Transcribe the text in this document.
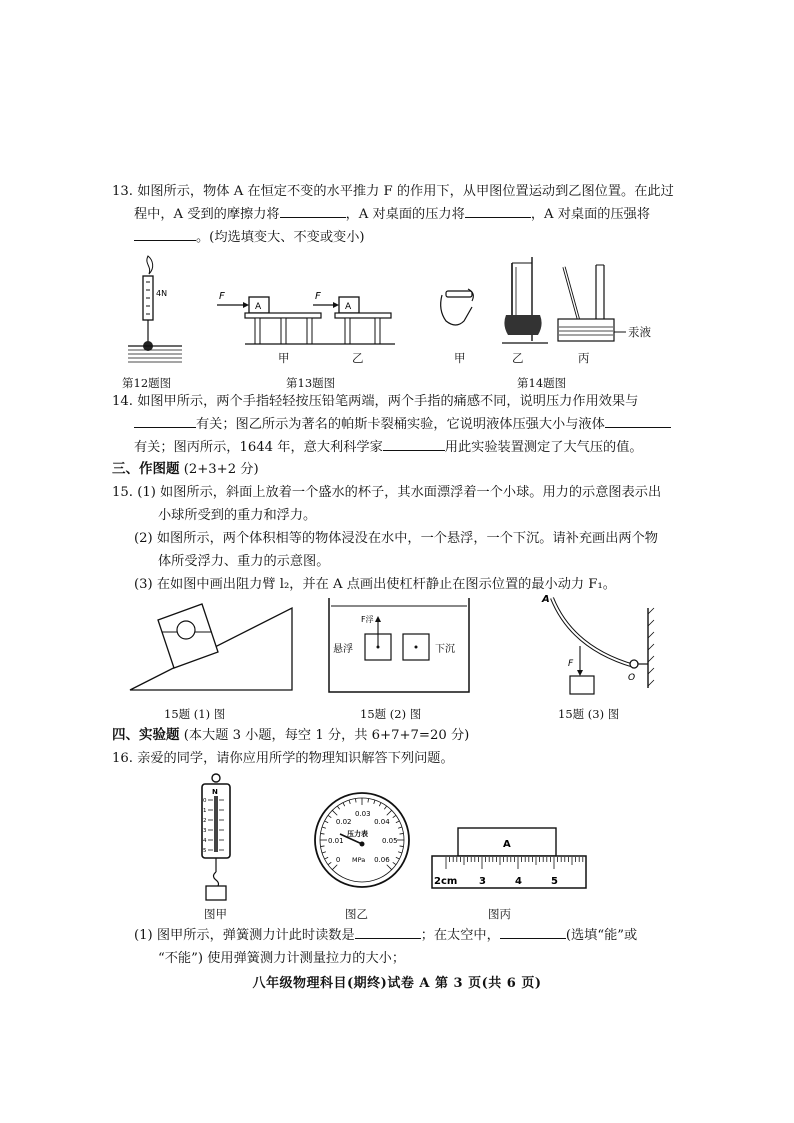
13. 如图所示，物体 A 在恒定不变的水平推力 F 的作用下，从甲图位置运动到乙图位置。在此过
程中，A 受到的摩擦力将	，A 对桌面的压力将	，A 对桌面的压强将
。(均选填变大、不变或变小)
4N
第12题图
F
A
F
A
甲	乙
第13题图
汞液
甲	乙	丙
第14题图
14. 如图甲所示，两个手指轻轻按压铅笔两端，两个手指的痛感不同，说明压力作用效果与
有关；图乙所示为著名的帕斯卡裂桶实验，它说明液体压强大小与液体
有关；图丙所示，1644 年，意大利科学家	用此实验装置测定了大气压的值。
三、作图题 (2+3+2 分)
15. (1) 如图所示，斜面上放着一个盛水的杯子，其水面漂浮着一个小球。用力的示意图表示出
小球所受到的重力和浮力。
(2) 如图所示，两个体积相等的物体浸没在水中，一个悬浮，一个下沉。请补充画出两个物
体所受浮力、重力的示意图。
(3) 在如图中画出阻力臂 l₂，并在 A 点画出使杠杆静止在图示位置的最小动力 F₁。
15题 (1) 图
F浮
悬浮	下沉
15题 (2) 图
A
O
F
15题 (3) 图
四、实验题 (本大题 3 小题，每空 1 分，共 6+7+7=20 分)
16. 亲爱的同学，请你应用所学的物理知识解答下列问题。
N
0
1
2
3
4
5
图甲
0
0.01
0.02
0.03
0.04
0.05
0.06
压力表
MPa
图乙
A
2cm 3	4	5
图丙
(1) 图甲所示，弹簧测力计此时读数是	；在太空中，	(选填“能”或
“不能”) 使用弹簧测力计测量拉力的大小；
八年级物理科目(期终)试卷 A 第 3 页(共 6 页)
